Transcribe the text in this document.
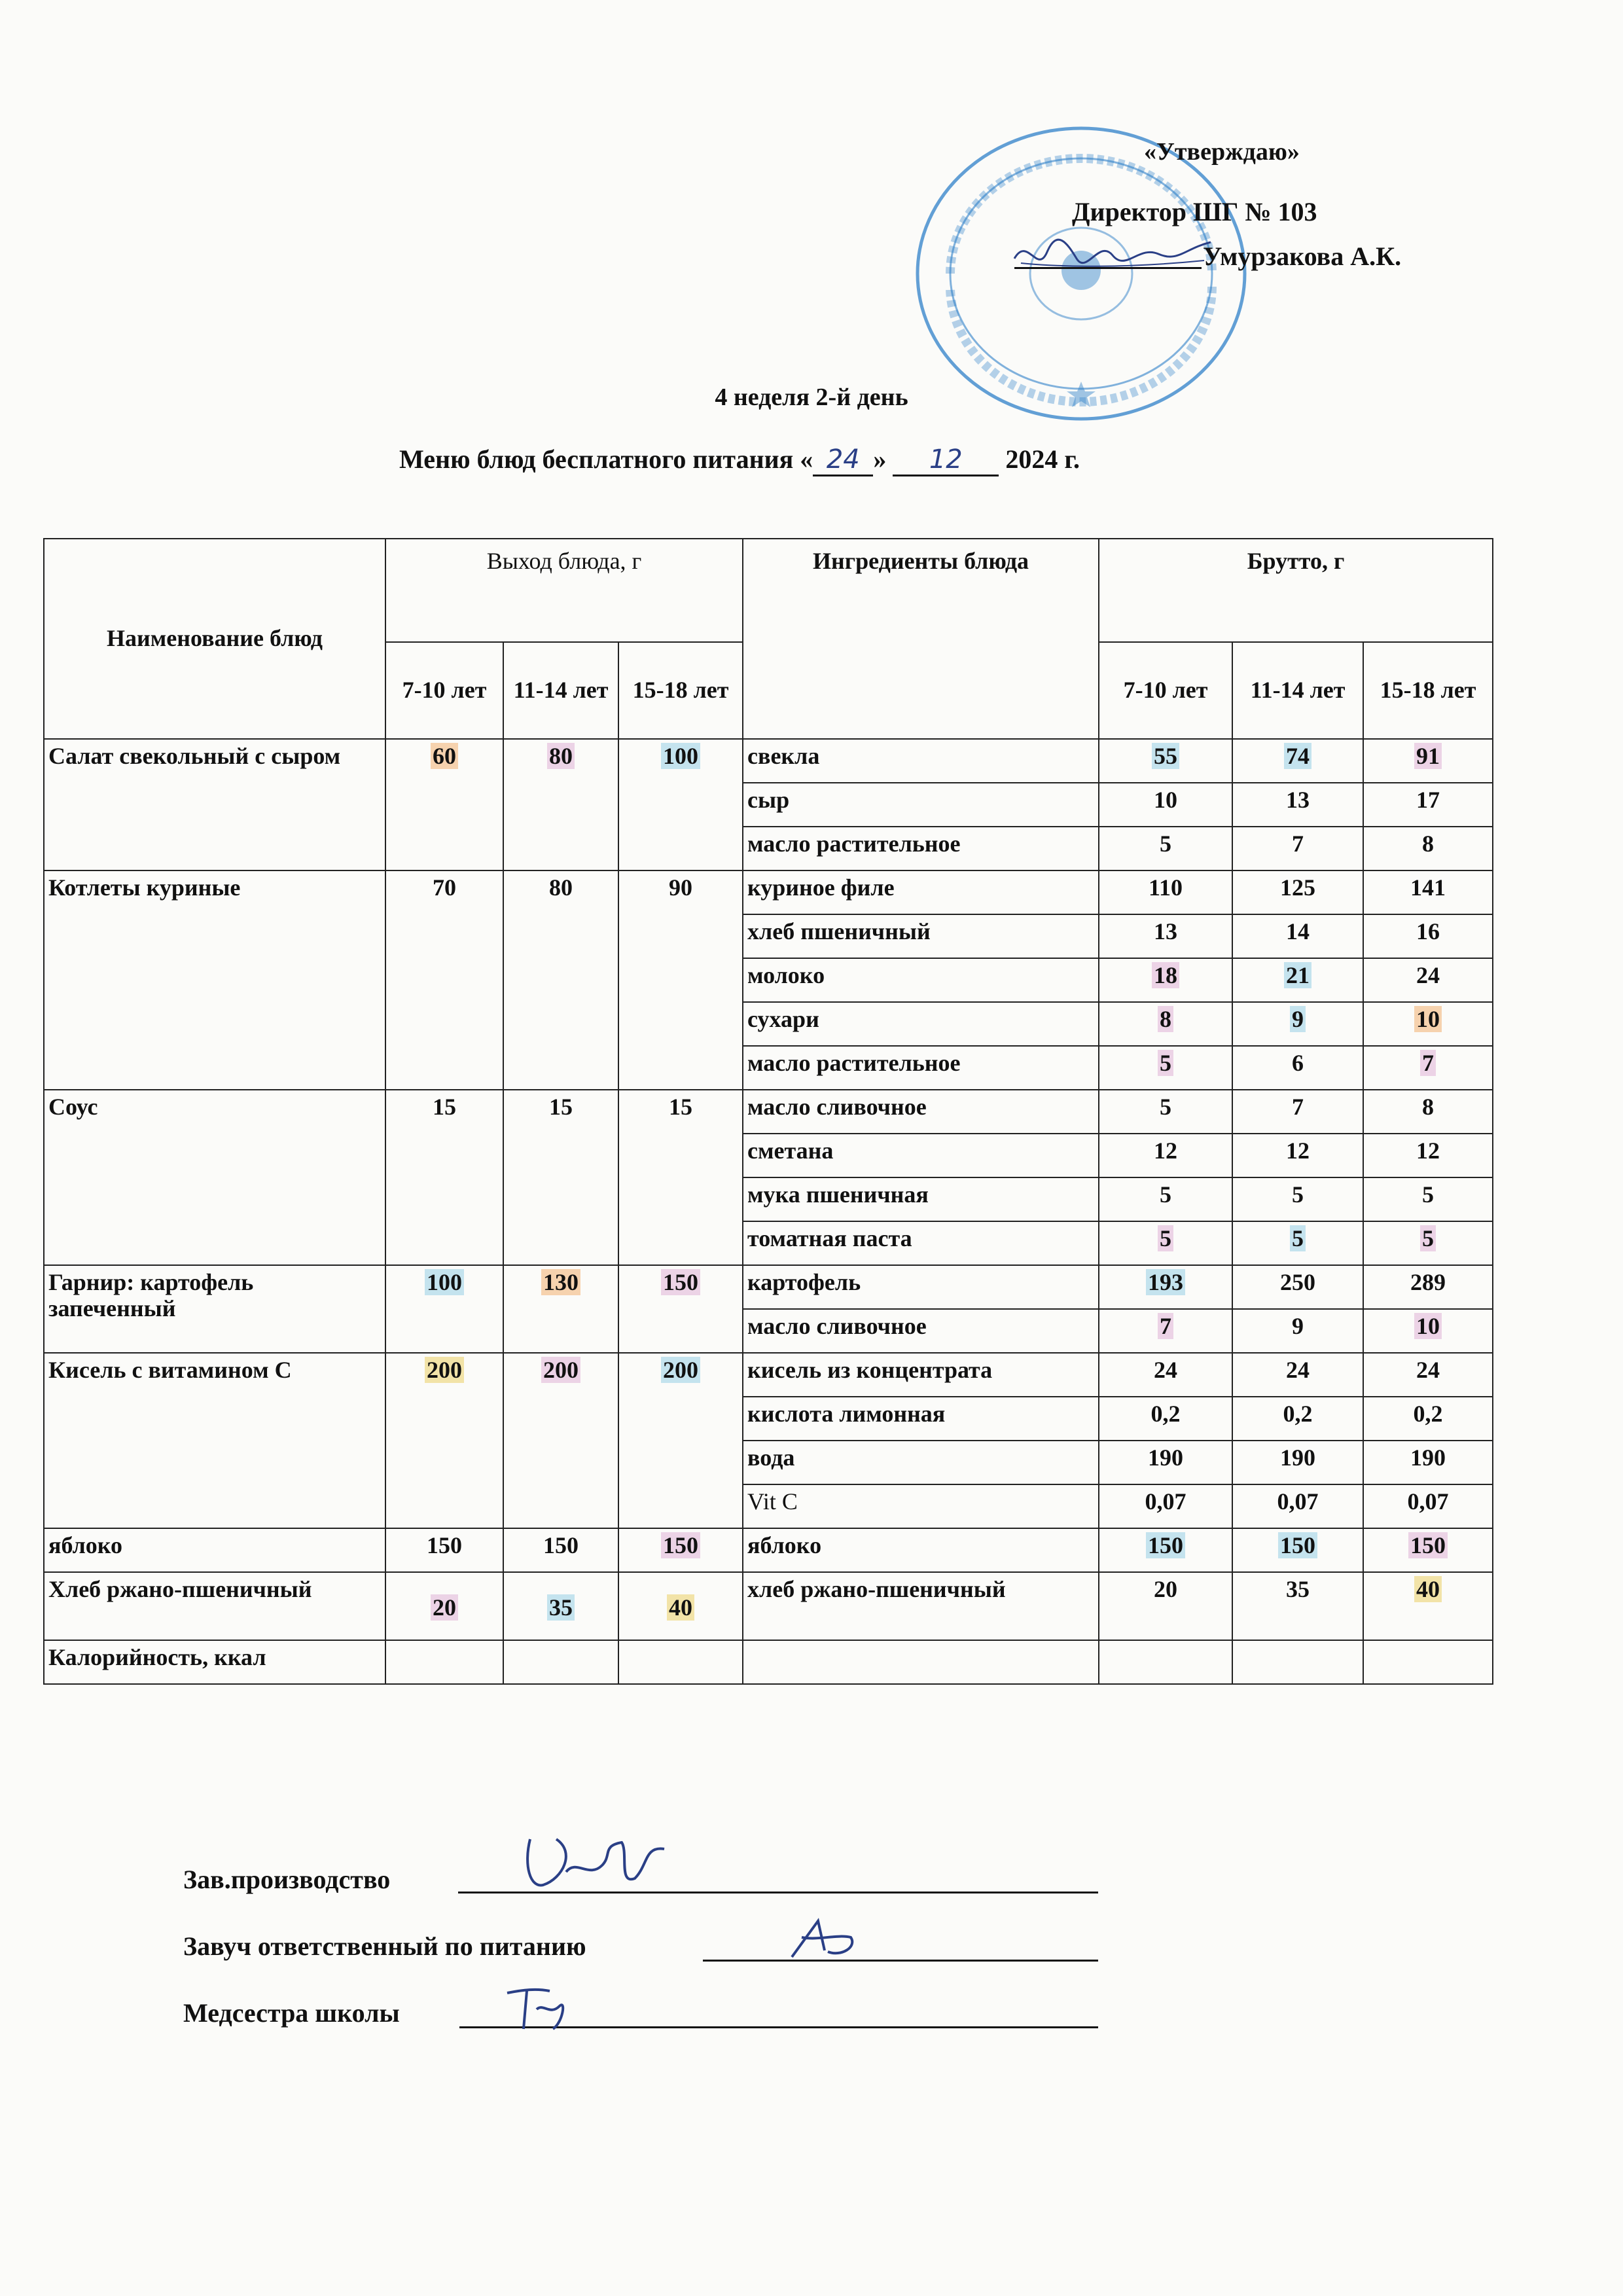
«Утверждаю»
Директор ШГ № 103
Умурзакова А.К.
4 неделя 2-й день
Меню блюд бесплатного питания « 24 » 12 2024 г.
Наименование блюд	Выход блюда, г			Ингредиенты блюда	Брутто, г		
	7-10 лет	11-14 лет	15-18 лет		7-10 лет	11-14 лет	15-18 лет
Салат свекольный с сыром	60	80	100	свекла	55	74	91
				сыр	10	13	17
				масло растительное	5	7	8
Котлеты куриные	70	80	90	куриное филе	110	125	141
				хлеб пшеничный	13	14	16
				молоко	18	21	24
				сухари	8	9	10
				масло растительное	5	6	7
Соус	15	15	15	масло сливочное	5	7	8
				сметана	12	12	12
				мука пшеничная	5	5	5
				томатная паста	5	5	5
Гарнир: картофель запеченный	100	130	150	картофель	193	250	289
				масло сливочное	7	9	10
Кисель с витамином С	200	200	200	кисель из концентрата	24	24	24
				кислота лимонная	0,2	0,2	0,2
				вода	190	190	190
				Vit C	0,07	0,07	0,07
яблоко	150	150	150	яблоко	150	150	150
Хлеб ржано-пшеничный	20	35	40	хлеб ржано-пшеничный	20	35	40
Калорийность, ккал							
Зав.производство
Завуч ответственный по питанию
Медсестра школы
